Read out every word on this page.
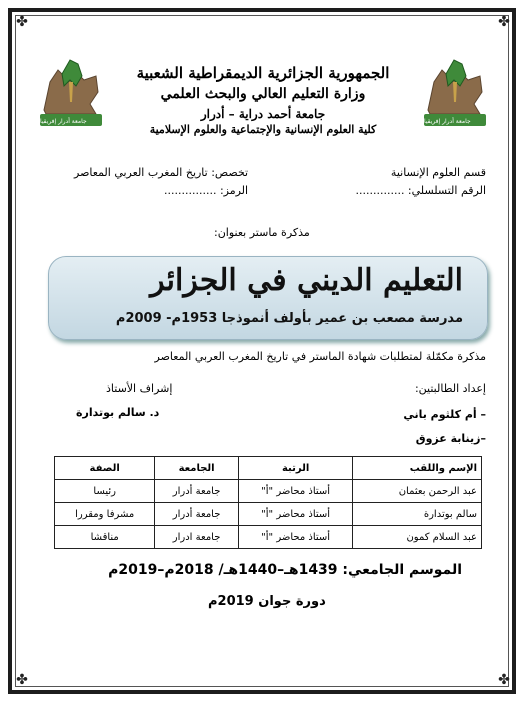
✤	✤
✤	✤
جامعة أدرار إفريقيا	جامعة أدرار إفريقيا
الجمهورية الجزائرية الديمقراطية الشعبية
وزارة التعليم العالي والبحث العلمي
جامعة أحمد دراية – أدرار
كلية العلوم الإنسانية والإجتماعية والعلوم الإسلامية
قسم العلوم الإنسانية
الرقم التسلسلي: ..............
تخصص: تاريخ المغرب العربي المعاصر
الرمز: ...............
مذكرة ماستر بعنوان:
التعليم الديني في الجزائر
مدرسة مصعب بن عمير بأولف أنموذجا 1953م- 2009م
مذكرة مكمّلة لمتطلبات شهادة الماستر في تاريخ المغرب العربي المعاصر
إعداد الطالبتين:
– أم كلثوم باني
–زينابة عزوق
إشراف الأستاذ
د. سالم بوتدارة
الإسم واللقب	الرتبة	الجامعة	الصفة
عبد الرحمن بعثمان	أستاذ محاضر "أ"	جامعة أدرار	رئيسا
سالم بوتدارة	أستاذ محاضر "أ"	جامعة أدرار	مشرفا ومقررا
عبد السلام كمون	أستاذ محاضر "أ"	جامعة ادرار	مناقشا
الموسم الجامعي: 1439هـ–1440هـ/ 2018م–2019م
دورة جوان 2019م
